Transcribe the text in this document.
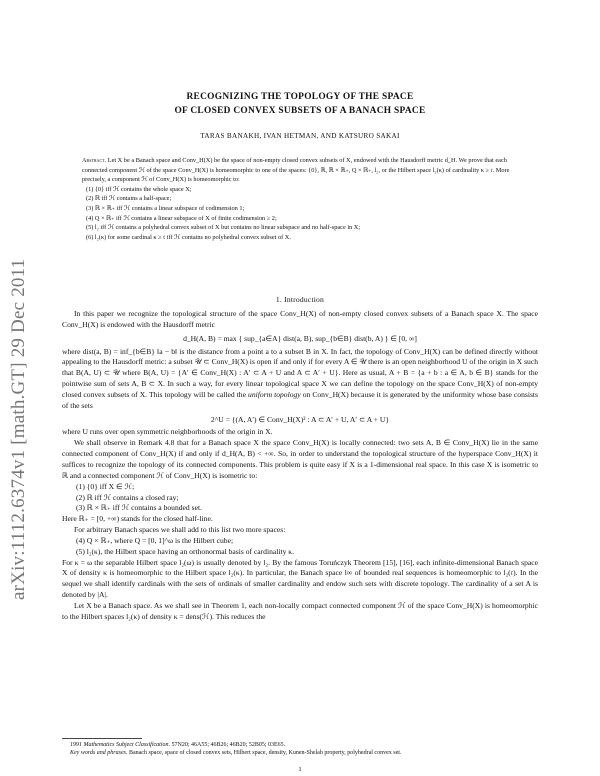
arXiv:1112.6374v1 [math.GT] 29 Dec 2011
RECOGNIZING THE TOPOLOGY OF THE SPACE
OF CLOSED CONVEX SUBSETS OF A BANACH SPACE
TARAS BANAKH, IVAN HETMAN, AND KATSURO SAKAI
Abstract. Let X be a Banach space and Conv_H(X) be the space of non-empty closed convex subsets of X, endowed with the Hausdorff metric d_H. We prove that each connected component ℋ of the space Conv_H(X) is homeomorphic to one of the spaces: {0}, ℝ, ℝ × ℝ₊, Q × ℝ₊, l₂, or the Hilbert space l₂(κ) of cardinality κ ≥ 𝔠. More precisely, a component ℋ of Conv_H(X) is homeomorphic to:
(1) {0} iff ℋ contains the whole space X;
(2) ℝ iff ℋ contains a half-space;
(3) ℝ × ℝ₊ iff ℋ contains a linear subspace of codimension 1;
(4) Q × ℝ₊ iff ℋ contains a linear subspace of X of finite codimension ≥ 2;
(5) l₂ iff ℋ contains a polyhedral convex subset of X but contains no linear subspace and no half-space in X;
(6) l₂(κ) for some cardinal κ ≥ 𝔠 iff ℋ contains no polyhedral convex subset of X.
1. Introduction

In this paper we recognize the topological structure of the space Conv_H(X) of non-empty closed convex subsets of a Banach space X. The space Conv_H(X) is endowed with the Hausdorff metric

d_H(A, B) = max { sup_{a∈A} dist(a, B), sup_{b∈B} dist(b, A) } ∈ [0, ∞]

where dist(a, B) = inf_{b∈B} ‖a − b‖ is the distance from a point a to a subset B in X. In fact, the topology of Conv_H(X) can be defined directly without appealing to the Hausdorff metric: a subset 𝒰 ⊂ Conv_H(X) is open if and only if for every A ∈ 𝒰 there is an open neighborhood U of the origin in X such that B(A, U) ⊂ 𝒰 where B(A, U) = {A′ ∈ Conv_H(X) : A′ ⊂ A + U and A ⊂ A′ + U}. Here as usual, A + B = {a + b : a ∈ A, b ∈ B} stands for the pointwise sum of sets A, B ⊂ X. In such a way, for every linear topological space X we can define the topology on the space Conv_H(X) of non-empty closed convex subsets of X. This topology will be called the uniform topology on Conv_H(X) because it is generated by the uniformity whose base consists of the sets

2^U = {(A, A′) ∈ Conv_H(X)² : A ⊂ A′ + U, A′ ⊂ A + U}

where U runs over open symmetric neighborhoods of the origin in X.

We shall observe in Remark 4.8 that for a Banach space X the space Conv_H(X) is locally connected: two sets A, B ∈ Conv_H(X) lie in the same connected component of Conv_H(X) if and only if d_H(A, B) < +∞. So, in order to understand the topological structure of the hyperspace Conv_H(X) it suffices to recognize the topology of its connected components. This problem is quite easy if X is a 1-dimensional real space. In this case X is isometric to ℝ and a connected component ℋ of Conv_H(X) is isometric to:

(1) {0} iff X ∈ ℋ;

(2) ℝ iff ℋ contains a closed ray;

(3) ℝ × ℝ₊ iff ℋ contains a bounded set.

Here ℝ₊ = [0, +∞) stands for the closed half-line.

For arbitrary Banach spaces we shall add to this list two more spaces:

(4) Q × ℝ₊, where Q = [0, 1]^ω is the Hilbert cube;

(5) l₂(κ), the Hilbert space having an orthonormal basis of cardinality κ.

For κ = ω the separable Hilbert space l₂(ω) is usually denoted by l₂. By the famous Toruńczyk Theorem [15], [16], each infinite-dimensional Banach space X of density κ is homeomorphic to the Hilbert space l₂(κ). In particular, the Banach space l∞ of bounded real sequences is homeomorphic to l₂(𝔠). In the sequel we shall identify cardinals with the sets of ordinals of smaller cardinality and endow such sets with discrete topology. The cardinality of a set A is denoted by |A|.

Let X be a Banach space. As we shall see in Theorem 1, each non-locally compact connected component ℋ of the space Conv_H(X) is homeomorphic to the Hilbert spaces l₂(κ) of density κ = dens(ℋ). This reduces the

1991 Mathematics Subject Classification. 57N20; 46A55; 46B26; 46B20; 52B05; 03E65.

Key words and phrases. Banach space, space of closed convex sets, Hilbert space, density, Kunen-Shelah property, polyhedral convex set.

1
